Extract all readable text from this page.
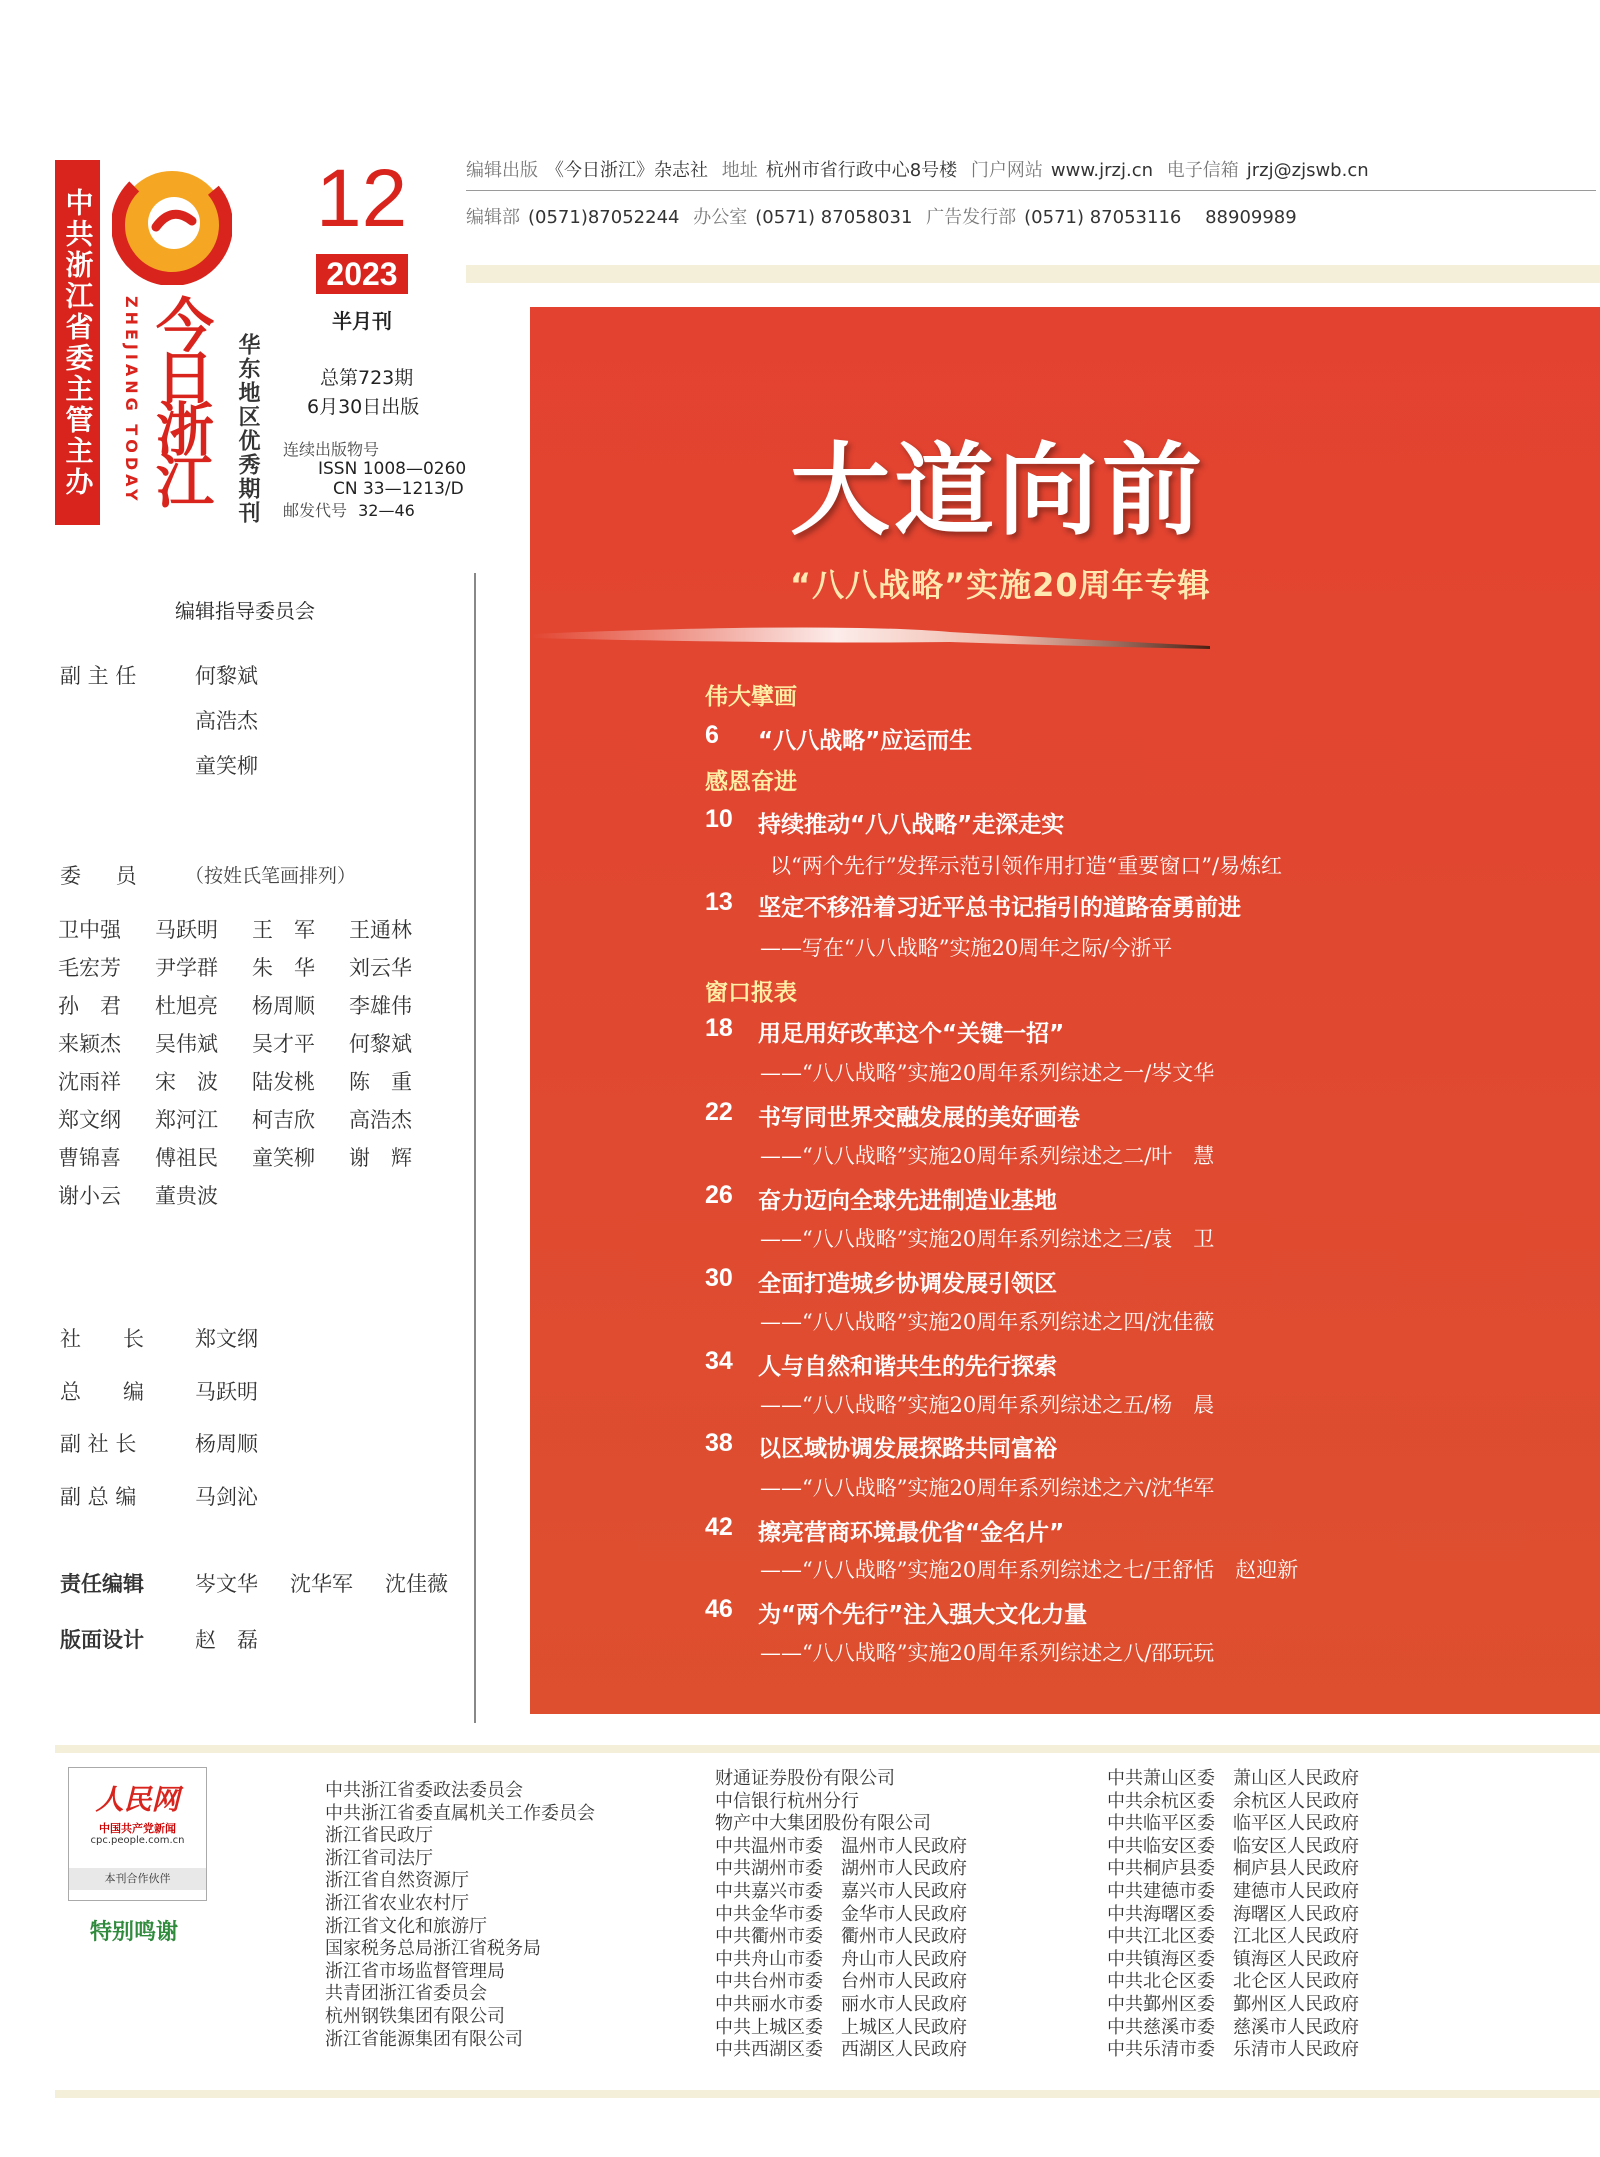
中共浙江省委主管主办	ZHEJIANG TODAY 今日浙江 华东地区优秀期刊
12
2023
半月刊
总第723期
6月30日出版
连续出版物号
ISSN 1008—0260
CN 33—1213/D
邮发代号 32—46
编辑出版 《今日浙江》杂志社 地址 杭州市省行政中心8号楼 门户网站 www.jrzj.cn 电子信箱 jrzj@zjswb.cn
编辑部 (0571)87052244 办公室 (0571) 87058031 广告发行部 (0571) 87053116 88909989
编辑指导委员会
副 主 任	何黎斌
高浩杰
童笑柳
委 员 （按姓氏笔画排列）
卫中强	马跃明	王　军	王通林
毛宏芳	尹学群	朱　华	刘云华
孙　君	杜旭亮	杨周顺	李雄伟
来颖杰	吴伟斌	吴才平	何黎斌
沈雨祥	宋　波	陆发桃	陈　重
郑文纲	郑河江	柯吉欣	高浩杰
曹锦喜	傅祖民	童笑柳	谢　辉
谢小云	董贵波
社　　长 郑文纲
总　　编 马跃明
副 社 长	杨周顺
副 总 编	马剑沁
责任编辑 岑文华 沈华军 沈佳薇
版面设计 赵　磊
大道向前
“八八战略”实施20周年专辑
伟大擘画
6 “八八战略”应运而生
感恩奋进
10 持续推动“八八战略”走深走实
以“两个先行”发挥示范引领作用打造“重要窗口”/易炼红
13 坚定不移沿着习近平总书记指引的道路奋勇前进
——写在“八八战略”实施20周年之际/今浙平
窗口报表
18 用足用好改革这个“关键一招”
——“八八战略”实施20周年系列综述之一/岑文华
22 书写同世界交融发展的美好画卷
——“八八战略”实施20周年系列综述之二/叶　慧
26 奋力迈向全球先进制造业基地
——“八八战略”实施20周年系列综述之三/袁　卫
30 全面打造城乡协调发展引领区
——“八八战略”实施20周年系列综述之四/沈佳薇
34 人与自然和谐共生的先行探索
——“八八战略”实施20周年系列综述之五/杨　晨
38 以区域协调发展探路共同富裕
——“八八战略”实施20周年系列综述之六/沈华军
42 擦亮营商环境最优省“金名片”
——“八八战略”实施20周年系列综述之七/王舒恬　赵迎新
46 为“两个先行”注入强大文化力量
——“八八战略”实施20周年系列综述之八/邵玩玩
人民网
中国共产党新闻
cpc.people.com.cn
本刊合作伙伴
特别鸣谢
中共浙江省委政法委员会
中共浙江省委直属机关工作委员会
浙江省民政厅
浙江省司法厅
浙江省自然资源厅
浙江省农业农村厅
浙江省文化和旅游厅
国家税务总局浙江省税务局
浙江省市场监督管理局
共青团浙江省委员会
杭州钢铁集团有限公司
浙江省能源集团有限公司
财通证券股份有限公司
中信银行杭州分行
物产中大集团股份有限公司
中共温州市委　温州市人民政府
中共湖州市委　湖州市人民政府
中共嘉兴市委　嘉兴市人民政府
中共金华市委　金华市人民政府
中共衢州市委　衢州市人民政府
中共舟山市委　舟山市人民政府
中共台州市委　台州市人民政府
中共丽水市委　丽水市人民政府
中共上城区委　上城区人民政府
中共西湖区委　西湖区人民政府
中共萧山区委　萧山区人民政府
中共余杭区委　余杭区人民政府
中共临平区委　临平区人民政府
中共临安区委　临安区人民政府
中共桐庐县委　桐庐县人民政府
中共建德市委　建德市人民政府
中共海曙区委　海曙区人民政府
中共江北区委　江北区人民政府
中共镇海区委　镇海区人民政府
中共北仑区委　北仑区人民政府
中共鄞州区委　鄞州区人民政府
中共慈溪市委　慈溪市人民政府
中共乐清市委　乐清市人民政府
